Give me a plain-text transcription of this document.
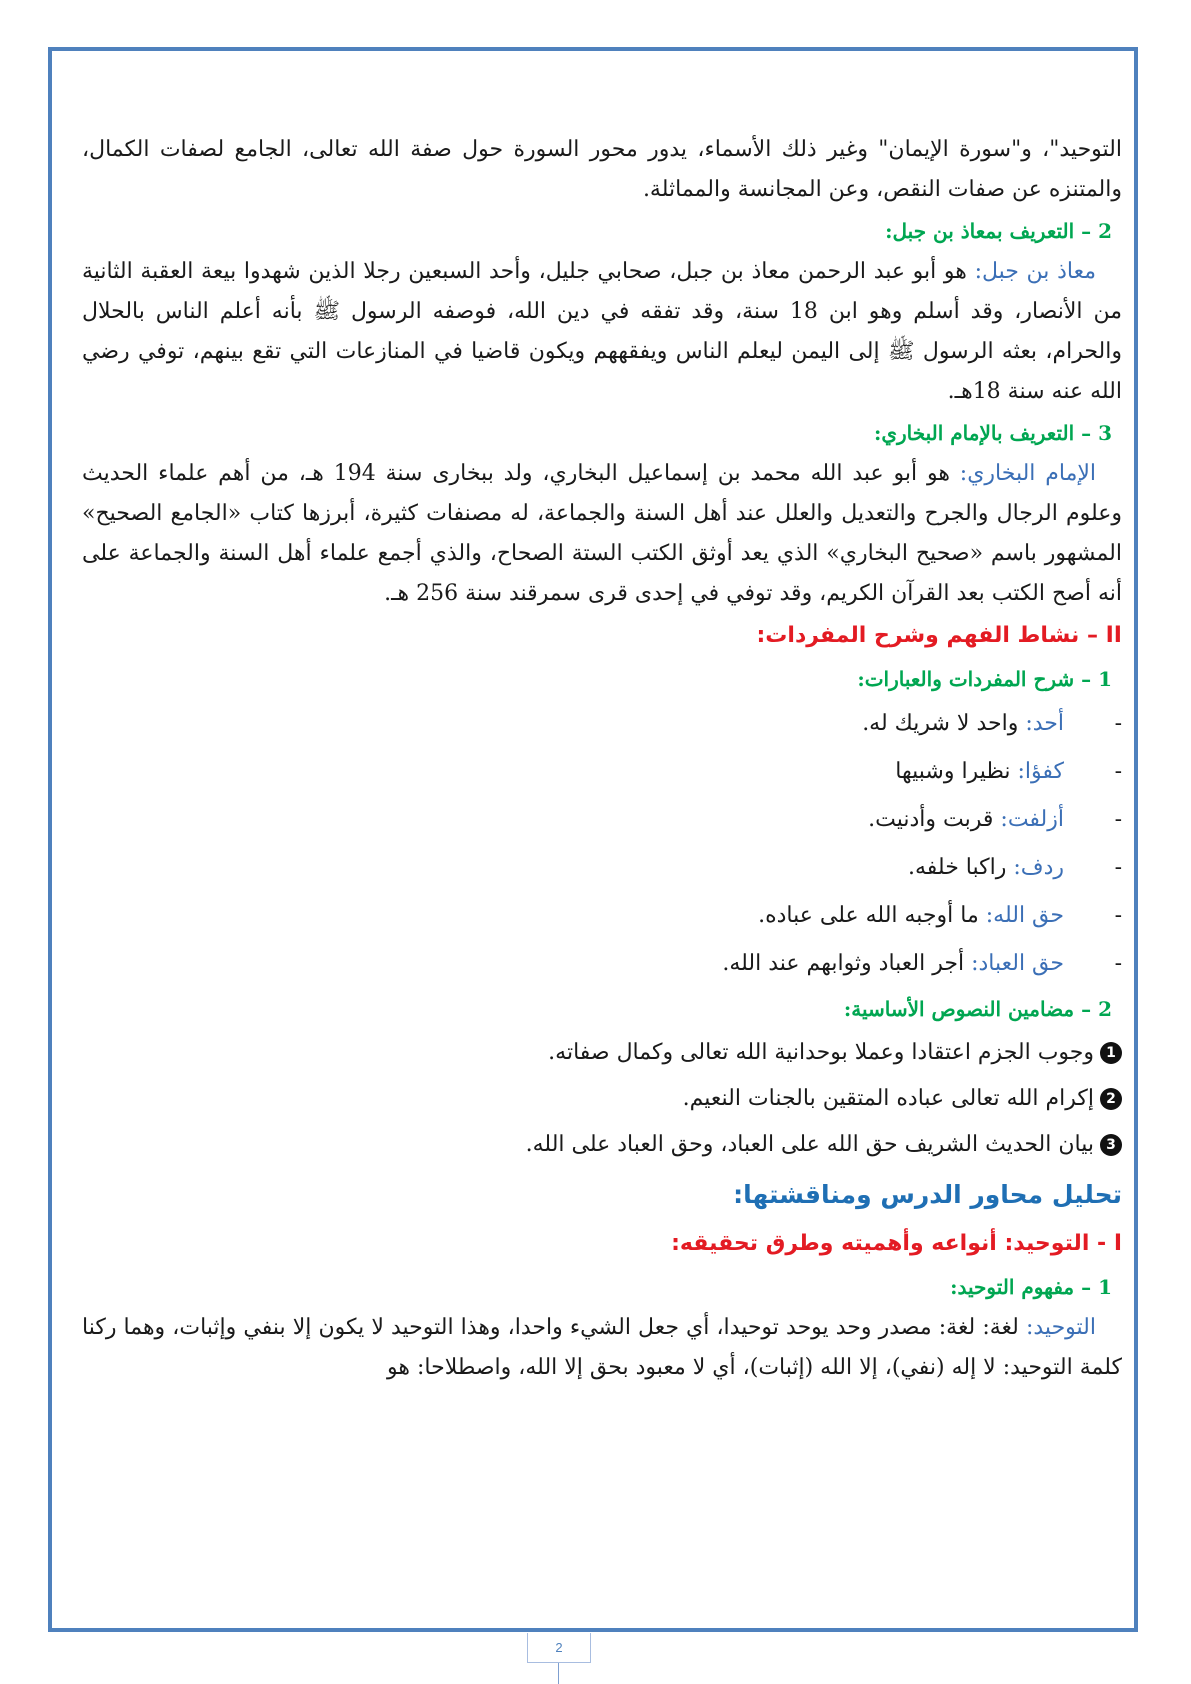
التوحيد"، و"سورة الإيمان" وغير ذلك الأسماء، يدور محور السورة حول صفة الله تعالى، الجامع لصفات الكمال، والمتنزه عن صفات النقص، وعن المجانسة والمماثلة.

2 – التعريف بمعاذ بن جبل:

معاذ بن جبل: هو أبو عبد الرحمن معاذ بن جبل، صحابي جليل، وأحد السبعين رجلا الذين شهدوا بيعة العقبة الثانية من الأنصار، وقد أسلم وهو ابن 18 سنة، وقد تفقه في دين الله، فوصفه الرسول ﷺ بأنه أعلم الناس بالحلال والحرام، بعثه الرسول ﷺ إلى اليمن ليعلم الناس ويفقههم ويكون قاضيا في المنازعات التي تقع بينهم، توفي رضي الله عنه سنة 18هـ.

3 – التعريف بالإمام البخاري:

الإمام البخاري: هو أبو عبد الله محمد بن إسماعيل البخاري، ولد ببخارى سنة 194 هـ، من أهم علماء الحديث وعلوم الرجال والجرح والتعديل والعلل عند أهل السنة والجماعة، له مصنفات كثيرة، أبرزها كتاب «الجامع الصحيح» المشهور باسم «صحيح البخاري» الذي يعد أوثق الكتب الستة الصحاح، والذي أجمع علماء أهل السنة والجماعة على أنه أصح الكتب بعد القرآن الكريم، وقد توفي في إحدى قرى سمرقند سنة 256 هـ.

II – نشاط الفهم وشرح المفردات:
1 – شرح المفردات والعبارات:
-
أحد: واحد لا شريك له.
-
كفؤا: نظيرا وشبيها
-
أزلفت: قربت وأدنيت.
-
ردف: راكبا خلفه.
-
حق الله: ما أوجبه الله على عباده.
-
حق العباد: أجر العباد وثوابهم عند الله.
2 – مضامين النصوص الأساسية:
1
وجوب الجزم اعتقادا وعملا بوحدانية الله تعالى وكمال صفاته.
2
إكرام الله تعالى عباده المتقين بالجنات النعيم.
3
بيان الحديث الشريف حق الله على العباد، وحق العباد على الله.
تحليل محاور الدرس ومناقشتها:
I - التوحيد: أنواعه وأهميته وطرق تحقيقه:
1 – مفهوم التوحيد:

التوحيد: لغة: لغة: مصدر وحد يوحد توحيدا، أي جعل الشيء واحدا، وهذا التوحيد لا يكون إلا بنفي وإثبات، وهما ركنا كلمة التوحيد: لا إله (نفي)، إلا الله (إثبات)، أي لا معبود بحق إلا الله، واصطلاحا: هو

2
